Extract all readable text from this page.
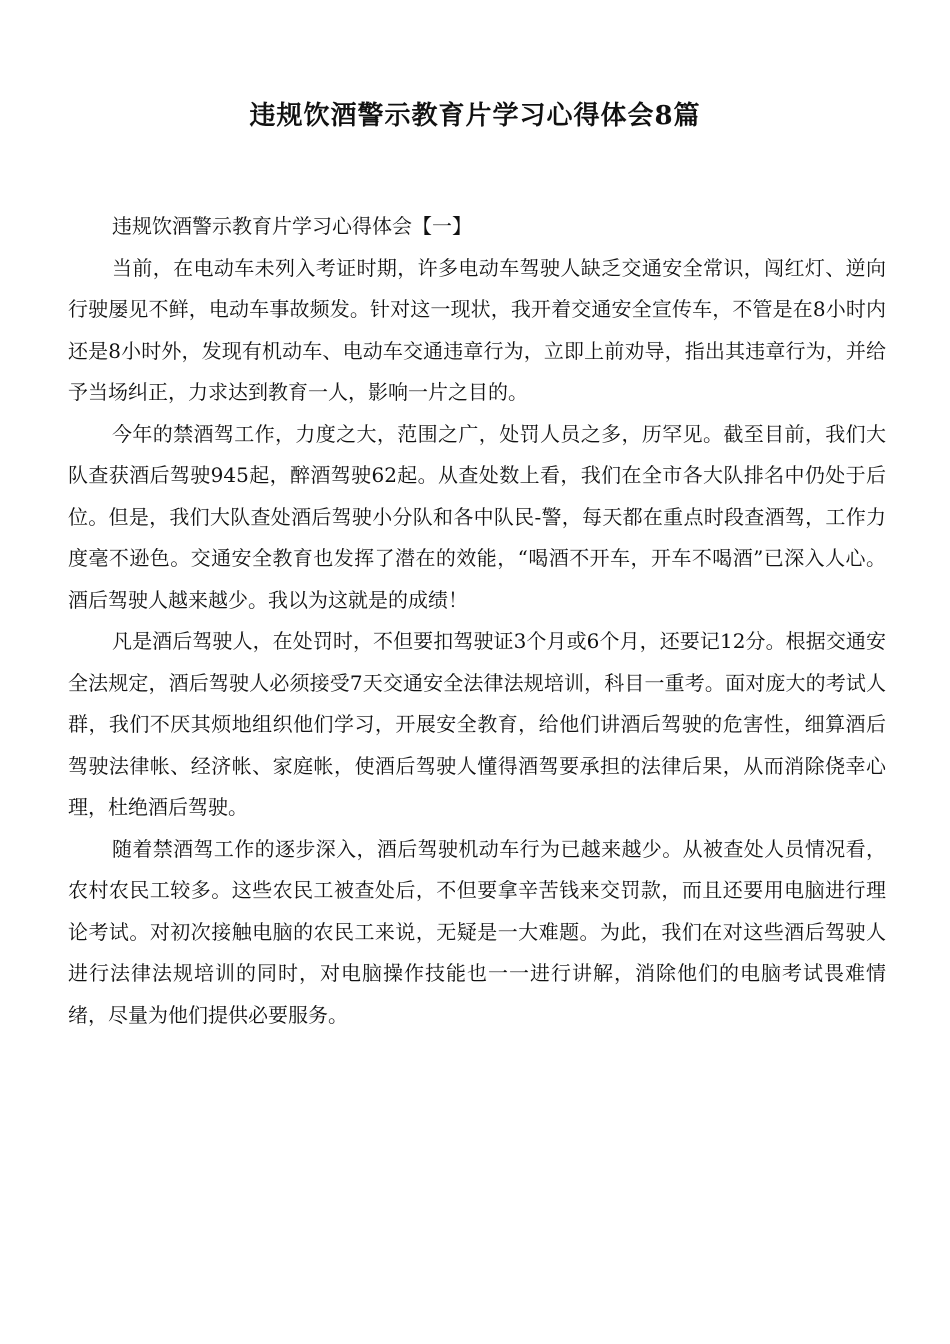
违规饮酒警示教育片学习心得体会8篇

违规饮酒警示教育片学习心得体会【一】

当前，在电动车未列入考证时期，许多电动车驾驶人缺乏交通安全常识，闯红灯、逆向行驶屡见不鲜，电动车事故频发。针对这一现状，我开着交通安全宣传车，不管是在8小时内还是8小时外，发现有机动车、电动车交通违章行为，立即上前劝导，指出其违章行为，并给予当场纠正，力求达到教育一人，影响一片之目的。

今年的禁酒驾工作，力度之大，范围之广，处罚人员之多，历罕见。截至目前，我们大队查获酒后驾驶945起，醉酒驾驶62起。从查处数上看，我们在全市各大队排名中仍处于后位。但是，我们大队查处酒后驾驶小分队和各中队民-警，每天都在重点时段查酒驾，工作力度毫不逊色。交通安全教育也发挥了潜在的效能，“喝酒不开车，开车不喝酒”已深入人心。酒后驾驶人越来越少。我以为这就是的成绩！

凡是酒后驾驶人，在处罚时，不但要扣驾驶证3个月或6个月，还要记12分。根据交通安全法规定，酒后驾驶人必须接受7天交通安全法律法规培训，科目一重考。面对庞大的考试人群，我们不厌其烦地组织他们学习，开展安全教育，给他们讲酒后驾驶的危害性，细算酒后驾驶法律帐、经济帐、家庭帐，使酒后驾驶人懂得酒驾要承担的法律后果，从而消除侥幸心理，杜绝酒后驾驶。

随着禁酒驾工作的逐步深入，酒后驾驶机动车行为已越来越少。从被查处人员情况看，农村农民工较多。这些农民工被查处后，不但要拿辛苦钱来交罚款，而且还要用电脑进行理论考试。对初次接触电脑的农民工来说，无疑是一大难题。为此，我们在对这些酒后驾驶人进行法律法规培训的同时，对电脑操作技能也一一进行讲解，消除他们的电脑考试畏难情绪，尽量为他们提供必要服务。
